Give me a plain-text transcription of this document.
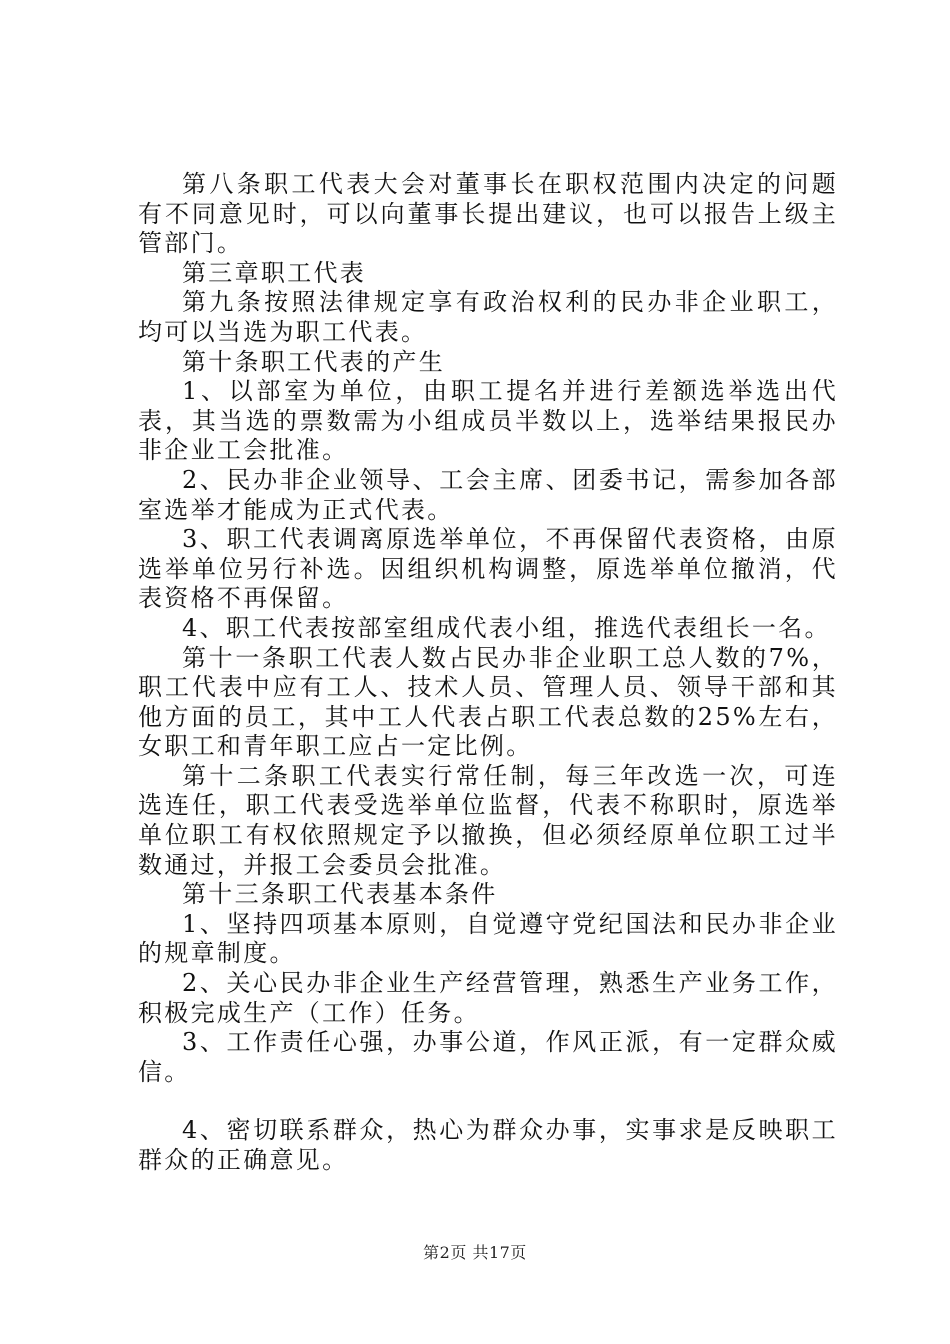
第八条职工代表大会对董事长在职权范围内决定的问题有不同意见时，可以向董事长提出建议，也可以报告上级主管部门。

第三章职工代表

第九条按照法律规定享有政治权利的民办非企业职工，均可以当选为职工代表。

第十条职工代表的产生

1、以部室为单位，由职工提名并进行差额选举选出代表，其当选的票数需为小组成员半数以上，选举结果报民办非企业工会批准。

2、民办非企业领导、工会主席、团委书记，需参加各部室选举才能成为正式代表。

3、职工代表调离原选举单位，不再保留代表资格，由原选举单位另行补选。因组织机构调整，原选举单位撤消，代表资格不再保留。

4、职工代表按部室组成代表小组，推选代表组长一名。

第十一条职工代表人数占民办非企业职工总人数的7%，职工代表中应有工人、技术人员、管理人员、领导干部和其他方面的员工，其中工人代表占职工代表总数的25%左右，女职工和青年职工应占一定比例。

第十二条职工代表实行常任制，每三年改选一次，可连选连任，职工代表受选举单位监督，代表不称职时，原选举单位职工有权依照规定予以撤换，但必须经原单位职工过半数通过，并报工会委员会批准。

第十三条职工代表基本条件

1、坚持四项基本原则，自觉遵守党纪国法和民办非企业的规章制度。

2、关心民办非企业生产经营管理，熟悉生产业务工作，积极完成生产（工作）任务。

3、工作责任心强，办事公道，作风正派，有一定群众威信。

4、密切联系群众，热心为群众办事，实事求是反映职工群众的正确意见。

第2页 共17页
